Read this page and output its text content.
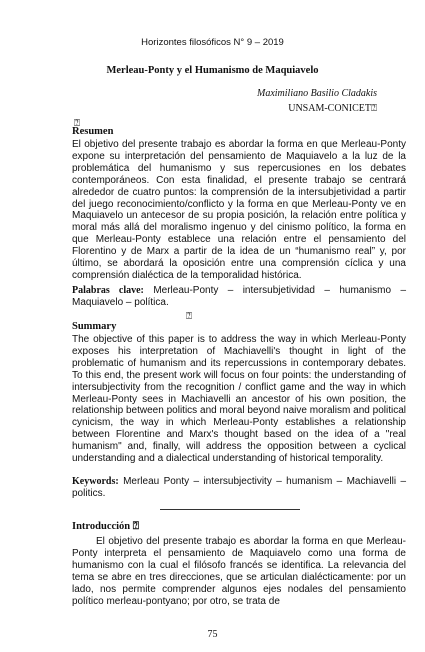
Horizontes filosóficos N° 9 – 2019
Merleau-Ponty y el Humanismo de Maquiavelo
Maximiliano Basilio Cladakis
UNSAM-CONICET⍰
⍰
Resumen

El objetivo del presente trabajo es abordar la forma en que Merleau-Ponty expone su interpretación del pensamiento de Maquiavelo a la luz de la problemática del humanismo y sus repercusiones en los debates contemporáneos. Con esta finalidad, el presente trabajo se centrará alrededor de cuatro puntos: la comprensión de la intersubjetividad a partir del juego reconocimiento/conflicto y la forma en que Merleau-Ponty ve en Maquiavelo un antecesor de su propia posición, la relación entre política y moral más allá del moralismo ingenuo y del cinismo político, la forma en que Merleau-Ponty establece una relación entre el pensamiento del Florentino y de Marx a partir de la idea de un “humanismo real” y, por último, se abordará la oposición entre una comprensión cíclica y una comprensión dialéctica de la temporalidad histórica.

Palabras clave: Merleau-Ponty – intersubjetividad – humanismo – Maquiavelo – política.

⍰
Summary

The objective of this paper is to address the way in which Merleau-Ponty exposes his interpretation of Machiavelli's thought in light of the problematic of humanism and its repercussions in contemporary debates. To this end, the present work will focus on four points: the understanding of intersubjectivity from the recognition / conflict game and the way in which Merleau-Ponty sees in Machiavelli an ancestor of his own position, the relationship between politics and moral beyond naive moralism and political cynicism, the way in which Merleau-Ponty establishes a relationship between Florentine and Marx's thought based on the idea of a "real humanism" and, finally, will address the opposition between a cyclical understanding and a dialectical understanding of historical temporality.

Keywords: Merleau Ponty – intersubjectivity – humanism – Machiavelli – politics.

Introducción ⍰

El objetivo del presente trabajo es abordar la forma en que Merleau-Ponty interpreta el pensamiento de Maquiavelo como una forma de humanismo con la cual el filósofo francés se identifica. La relevancia del tema se abre en tres direcciones, que se articulan dialécticamente: por un lado, nos permite comprender algunos ejes nodales del pensamiento político merleau-pontyano; por otro, se trata de

75
